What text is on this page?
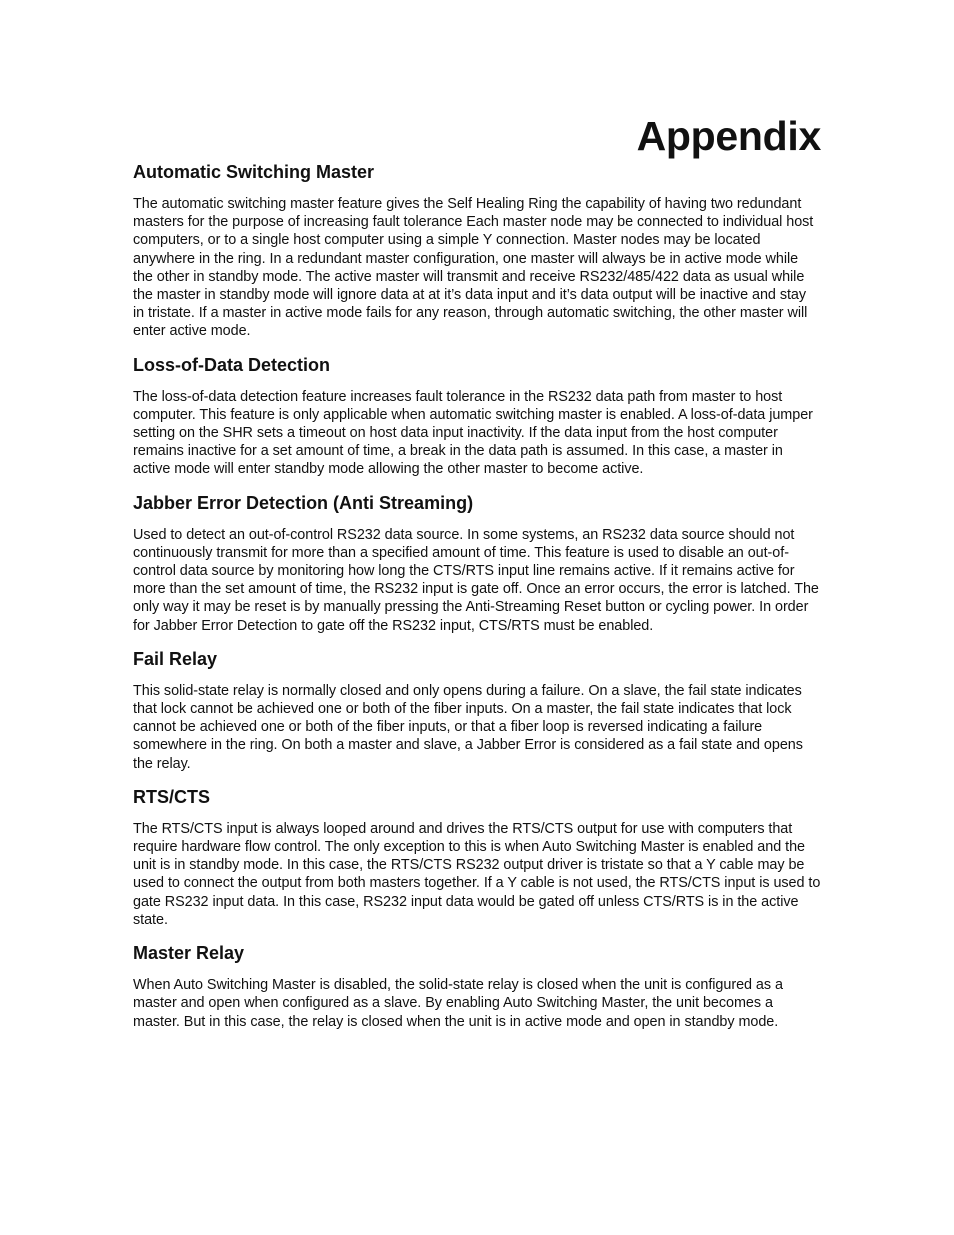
Appendix
Automatic Switching Master

The automatic switching master feature gives the Self Healing Ring the capability of having two redundant masters for the purpose of increasing fault tolerance Each master node may be connected to individual host computers, or to a single host computer using a simple Y connection. Master nodes may be located anywhere in the ring. In a redundant master configuration, one master will always be in active mode while the other in standby mode. The active master will transmit and receive RS232/485/422 data as usual while the master in standby mode will ignore data at at it’s data input and it’s data output will be inactive and stay in tristate. If a master in active mode fails for any reason, through automatic switching, the other master will enter active mode.

Loss-of-Data Detection

The loss-of-data detection feature increases fault tolerance in the RS232 data path from master to host computer. This feature is only applicable when automatic switching master is enabled. A loss-of-data jumper setting on the SHR sets a timeout on host data input inactivity. If the data input from the host computer remains inactive for a set amount of time, a break in the data path is assumed. In this case, a master in active mode will enter standby mode allowing the other master to become active.

Jabber Error Detection (Anti Streaming)

Used to detect an out-of-control RS232 data source. In some systems, an RS232 data source should not continuously transmit for more than a specified amount of time. This feature is used to disable an out-of-control data source by monitoring how long the CTS/RTS input line remains active. If it remains active for more than the set amount of time, the RS232 input is gate off. Once an error occurs, the error is latched. The only way it may be reset is by manually pressing the Anti-Streaming Reset button or cycling power. In order for Jabber Error Detection to gate off the RS232 input, CTS/RTS must be enabled.

Fail Relay

This solid-state relay is normally closed and only opens during a failure. On a slave, the fail state indicates that lock cannot be achieved one or both of the fiber inputs. On a master, the fail state indicates that lock cannot be achieved one or both of the fiber inputs, or that a fiber loop is reversed indicating a failure somewhere in the ring. On both a master and slave, a Jabber Error is considered as a fail state and opens the relay.

RTS/CTS

The RTS/CTS input is always looped around and drives the RTS/CTS output for use with computers that require hardware flow control. The only exception to this is when Auto Switching Master is enabled and the unit is in standby mode. In this case, the RTS/CTS RS232 output driver is tristate so that a Y cable may be used to connect the output from both masters together. If a Y cable is not used, the RTS/CTS input is used to gate RS232 input data. In this case, RS232 input data would be gated off unless CTS/RTS is in the active state.

Master Relay

When Auto Switching Master is disabled, the solid-state relay is closed when the unit is configured as a master and open when configured as a slave. By enabling Auto Switching Master, the unit becomes a master. But in this case, the relay is closed when the unit is in active mode and open in standby mode.
